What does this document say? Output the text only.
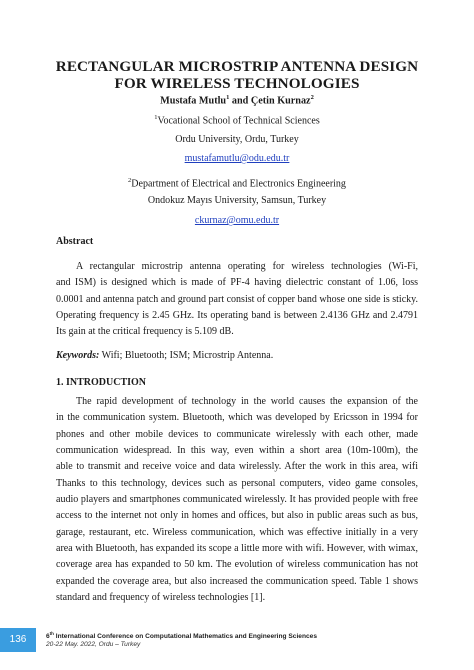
RECTANGULAR MICROSTRIP ANTENNA DESIGN
FOR WIRELESS TECHNOLOGIES
Mustafa Mutlu$^1$ and Çetin Kurnaz$^2$
$^1$Vocational School of Technical Sciences
Ordu University, Ordu, Turkey
mustafamutlu@odu.edu.tr
$^2$Department of Electrical and Electronics Engineering
Ondokuz Mayıs University, Samsun, Turkey
ckurnaz@omu.edu.tr
Abstract
A rectangular microstrip antenna operating for wireless technologies (Wi-Fi,
and ISM) is designed which is made of PF-4 having dielectric constant of 1.06, loss
0.0001 and antenna patch and ground part consist of copper band whose one side is sticky.
Operating frequency is 2.45 GHz. Its operating band is between 2.4136 GHz and 2.4791
Its gain at the critical frequency is 5.109 dB.
Keywords: Wifi; Bluetooth; ISM; Microstrip Antenna.
1. INTRODUCTION
The rapid development of technology in the world causes the expansion of the
in the communication system. Bluetooth, which was developed by Ericsson in 1994 for
phones and other mobile devices to communicate wirelessly with each other, made
communication widespread. In this way, even within a short area (10m-100m), the
able to transmit and receive voice and data wirelessly. After the work in this area, wifi
Thanks to this technology, devices such as personal computers, video game consoles,
audio players and smartphones communicated wirelessly. It has provided people with free
access to the internet not only in homes and offices, but also in public areas such as bus,
garage, restaurant, etc. Wireless communication, which was effective initially in a very
area with Bluetooth, has expanded its scope a little more with wifi. However, with wimax,
coverage area has expanded to 50 km. The evolution of wireless communication has not
expanded the coverage area, but also increased the communication speed. Table 1 shows
standard and frequency of wireless technologies [1].
136	6th International Conference on Computational Mathematics and Engineering Sciences
20-22 May. 2022, Ordu – Turkey
